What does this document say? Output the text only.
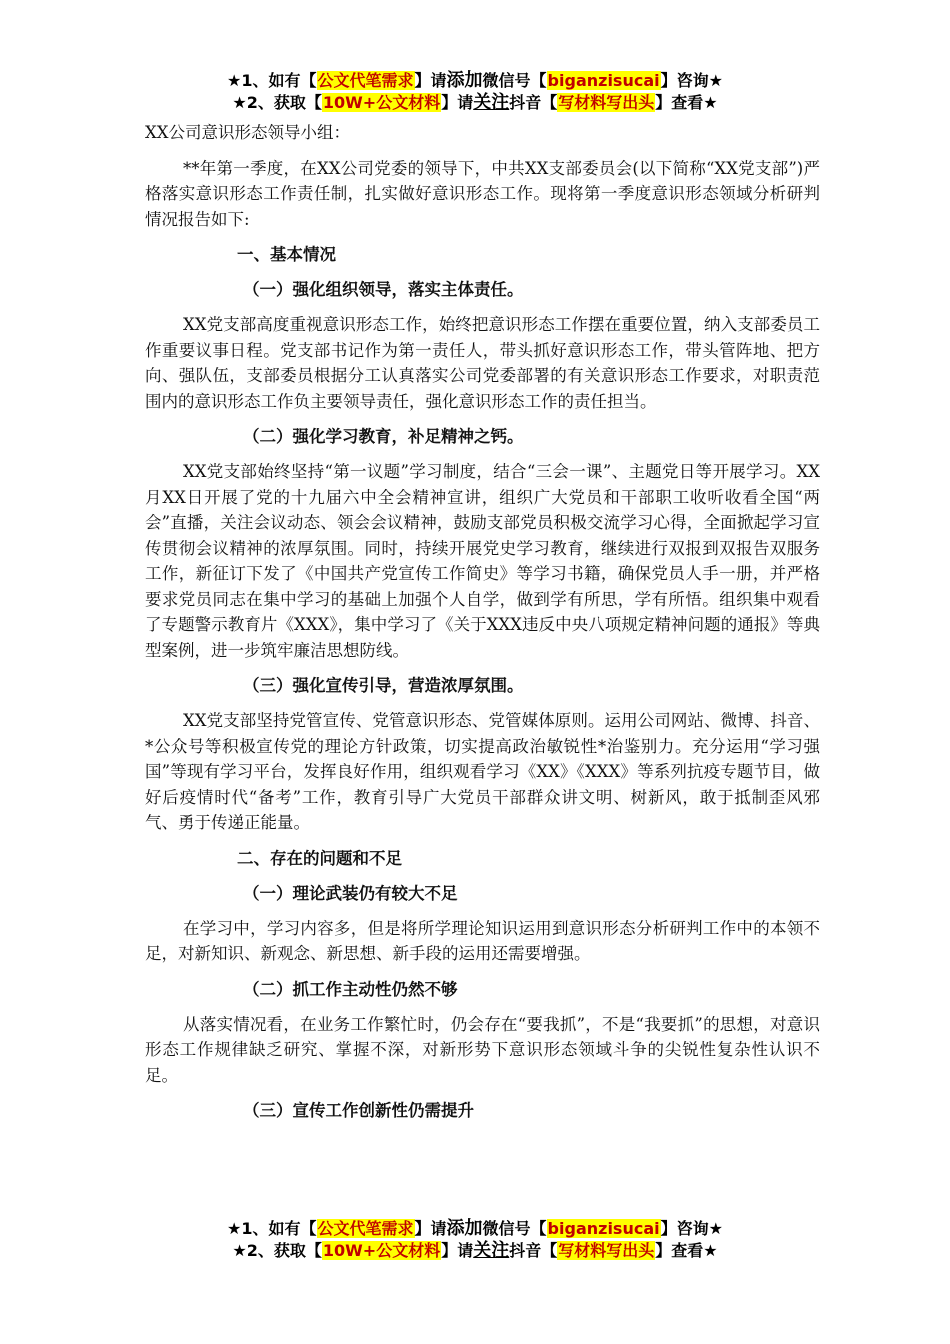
★1、如有【公文代笔需求】请添加微信号【biganzisucai】咨询★
★2、获取【10W+公文材料】请关注抖音【写材料写出头】查看★

XX公司意识形态领导小组：

**年第一季度，在XX公司党委的领导下，中共XX支部委员会(以下简称“XX党支部”)严格落实意识形态工作责任制，扎实做好意识形态工作。现将第一季度意识形态领域分析研判情况报告如下:

一、基本情况

（一）强化组织领导，落实主体责任。

XX党支部高度重视意识形态工作，始终把意识形态工作摆在重要位置，纳入支部委员工作重要议事日程。党支部书记作为第一责任人，带头抓好意识形态工作，带头管阵地、把方向、强队伍，支部委员根据分工认真落实公司党委部署的有关意识形态工作要求，对职责范围内的意识形态工作负主要领导责任，强化意识形态工作的责任担当。

（二）强化学习教育，补足精神之钙。

XX党支部始终坚持“第一议题”学习制度，结合“三会一课”、主题党日等开展学习。XX月XX日开展了党的十九届六中全会精神宣讲，组织广大党员和干部职工收听收看全国“两会”直播，关注会议动态、领会会议精神，鼓励支部党员积极交流学习心得，全面掀起学习宣传贯彻会议精神的浓厚氛围。同时，持续开展党史学习教育，继续进行双报到双报告双服务工作，新征订下发了《中国共产党宣传工作简史》等学习书籍，确保党员人手一册，并严格要求党员同志在集中学习的基础上加强个人自学，做到学有所思，学有所悟。组织集中观看了专题警示教育片《XXX》，集中学习了《关于XXX违反中央八项规定精神问题的通报》等典型案例，进一步筑牢廉洁思想防线。

（三）强化宣传引导，营造浓厚氛围。

XX党支部坚持党管宣传、党管意识形态、党管媒体原则。运用公司网站、微博、抖音、*公众号等积极宣传党的理论方针政策，切实提高政治敏锐性*治鉴别力。充分运用“学习强国”等现有学习平台，发挥良好作用，组织观看学习《XX》《XXX》等系列抗疫专题节目，做好后疫情时代“备考”工作，教育引导广大党员干部群众讲文明、树新风，敢于抵制歪风邪气、勇于传递正能量。

二、存在的问题和不足

（一）理论武装仍有较大不足

在学习中，学习内容多，但是将所学理论知识运用到意识形态分析研判工作中的本领不足，对新知识、新观念、新思想、新手段的运用还需要增强。

（二）抓工作主动性仍然不够

从落实情况看，在业务工作繁忙时，仍会存在“要我抓”，不是“我要抓”的思想，对意识形态工作规律缺乏研究、掌握不深，对新形势下意识形态领域斗争的尖锐性复杂性认识不足。

（三）宣传工作创新性仍需提升

★1、如有【公文代笔需求】请添加微信号【biganzisucai】咨询★
★2、获取【10W+公文材料】请关注抖音【写材料写出头】查看★
